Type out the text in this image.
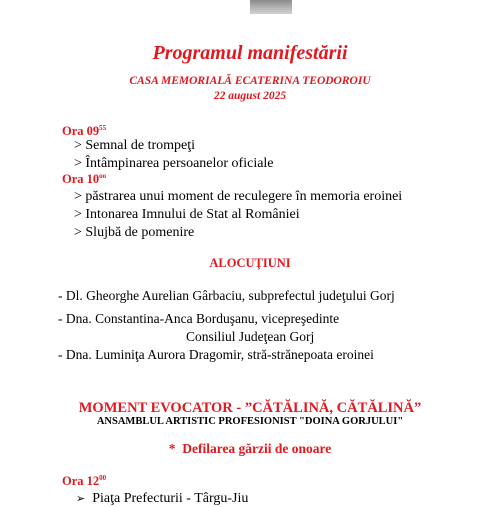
Programul manifestării
CASA MEMORIALĂ ECATERINA TEODOROIU
22 august 2025
Ora $09^{55}$
> Semnal de trompeţi
> Întâmpinarea persoanelor oficiale
Ora $10^{oo}$
> păstrarea unui moment de reculegere în memoria eroinei
> Intonarea Imnului de Stat al României
> Slujbă de pomenire
ALOCUŢIUNI
- Dl. Gheorghe Aurelian Gârbaciu, subprefectul judeţului Gorj
- Dna. Constantina-Anca Borduşanu, vicepreşedinte
Consiliul Judeţean Gorj
- Dna. Luminiţa Aurora Dragomir, stră-strănepoata eroinei
MOMENT EVOCATOR - ”CĂTĂLINĂ, CĂTĂLINĂ”
ANSAMBLUL ARTISTIC PROFESIONIST "DOINA GORJULUI"
* Defilarea gărzii de onoare
Ora $12^{00}$
➢ Piaţa Prefecturii - Târgu-Jiu
